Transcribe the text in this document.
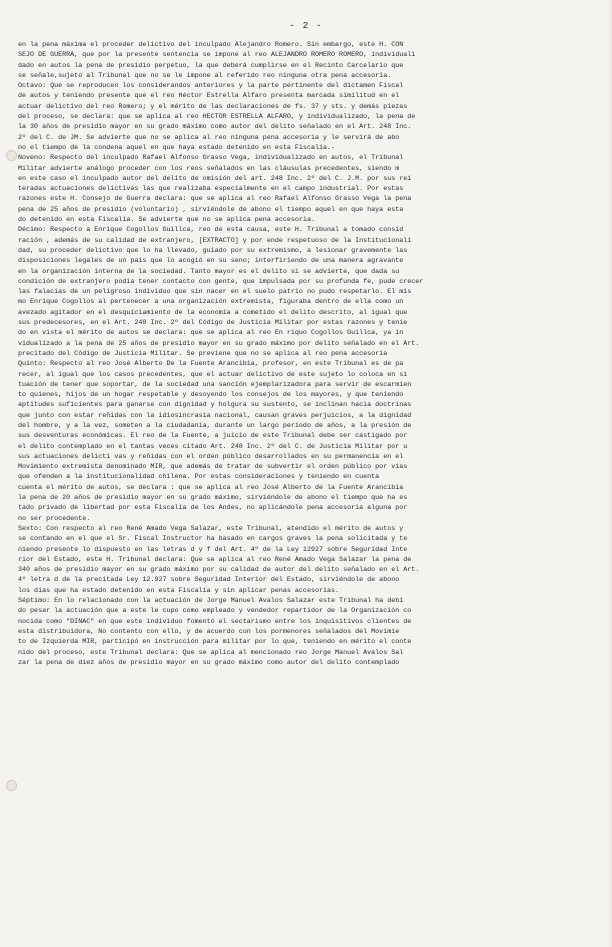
- 2 -
en la pena máxima el proceder delictivo del inculpado Alejandro Romero. Sin embargo, este H. CON
SEJO DE GUERRA, que por la presente sentencia se impone al reo ALEJANDRO ROMERO ROMERO, individuali
dado en autos la pena de presidio perpetuo, la que deberá cumplirse en el Recinto Carcelario que
se señale,sujeto al Tribunal que no se le impone al referido reo ninguna otra pena accesoria.
Octavo: Que se reproducen los considerandos anteriores y la parte pertinente del dictamen Fiscal
de autos y teniendo presente que el reo Héctor Estrella Alfaro presenta marcada similitud en el
actuar delictivo del reo Romero; y el mérito de las declaraciones de fs. 37 y sts. y demás piezas
del proceso, se declara: que se aplica al reo HECTOR ESTRELLA ALFARO, y individualizado, la pena de
la 30 años de presidio mayor en su grado máximo como autor del delito señalado en el Art. 248 Inc.
2º del C. de JM. Se advierte que no se aplica al reo ninguna pena accesoria y le servirá de abo
no el tiempo de la condena aquel en que haya estado detenido en esta Fiscalía.-
Noveno: Respecto del inculpado Rafael Alfonso Grasso Vega, individualizado en autos, el Tribunal
Militar advierte análogo proceder con los reos señalados en las cláusulas precedentes, siendo m
en este caso el inculpado autor del delito de omisión del art. 248 Inc. 2º del C. J.M. por sus rei
teradas actuaciones delictivas las que realizaba especialmente en el campo industrial. Por estas
razones este H. Consejo de Guerra declara: que se aplica al reo Rafael Alfonso Grasso Vega la pena
pena de 25 años de presidio (voluntario) , sirviéndole de abono el tiempo aquel en que haya esta
do detenido en esta Fiscalía. Se advierte que no se aplica pena accesoria.
Décimo: Respecto a Enrique Cogollos Guillca, reo de esta causa, este H. Tribunal a tomado consid
ración , además de su calidad de extranjero, [EXTRACTO] y por ende respetuoso de la Institucionali
dad, su proceder delictivo que lo ha llevado, guiado por su extremismo, a lesionar gravemente las
disposiciones legales de un país que lo acogió en su seno; interfiriendo de una manera agravante
en la organización interna de la sociedad. Tanto mayor es el delito si se advierte, que dada su
condición de extranjero podía tener contacto con gente, que impulsada por su profunda fe, pude crecer
las falacias de un peligroso individuo que sin nacer en el suelo patrio no pudo respetarlo. El mis
mo Enrique Cogollos al pertenecer a una organización extremista, figuraba dentro de ella como un
avezado agitador en el desquiciamiento de la economía a cometido el delito descrito, al igual que
sus predecesores, en el Art. 248 Inc. 2º del Código de Justicia Militar por estas razones y tenie
do en vista el mérito de autos se declara: que se aplica al reo En riquo Cogollos Guillca, ya in
vidualizado a la pena de 25 años de presidio mayor en su grado máximo por delito señalado en el Art.
precitado del Código de Justicia Militar. Se previene que no se aplica al reo pena accesoria
Quinto: Respecto al reo José Alberto De la Fuente Arancibia, profesor, en este Tribunal es de pa
recer, al igual que los casos precedentes, que el actuar delictivo de este sujeto lo coloca en si
tuación de tener que soportar, de la sociedad una sanción ejemplarizadora para servir de escarmien
to quienes, hijos de un hogar respetable y desoyendo los consejos de los mayores, y que teniendo
aptitudes suficientes para ganarse con dignidad y holgura su sustento, se inclinan hacia doctrinas
que junto con estar reñidas con la idiosincrasia nacional, causan graves perjuicios, a la dignidad
del hombre, y a la vez, someten a la ciudadanía, durante un largo período de años, a la presión de
sus desventuras económicas. El reo de la Fuente, a juicio de este Tribunal debe ser castigado por
el delito contemplado en el tantas veces citado Art. 248 Inc. 2º del C. de Justicia Militar por u
sus actuaciones delicti vas y reñidas con el orden público desarrollados en su permanencia en el
Movimiento extremista denominado MIR, que además de tratar de subvertir el orden público por vías
que ofenden a la institucionalidad chilena. Por estas consideraciones y teniendo en cuenta
cuenta el mérito de autos, se declara : que se aplica al reo José Alberto de la Fuente Arancibia
la pena de 20 años de presidio mayor en su grado máximo, sirviéndole de abono el tiempo que ha es
tado privado de libertad por esta Fiscalía de los Andes, no aplicándole pena accesoria alguna por
no ser procedente.
Sexto: Con respecto al reo René Amado Vega Salazar, este Tribunal, atendido el mérito de autos y
se contando en el que el Sr. Fiscal Instructor ha basado en cargos graves la pena solicitada y te
niendo presente lo dispuesto en las letras d y f del Art. 4º de la Ley 12927 sobre Seguridad Inte
rior del Estado, este H. Tribunal declara: Que se aplica al reo René Amado Vega Salazar la pena de
340 años de presidio mayor en su grado máximo por su calidad de autor del delito señalado en el Art.
4º letra d de la precitada Ley 12.927 sobre Seguridad Interior del Estado, sirviéndole de abono
los días que ha estado detenido en esta Fiscalía y sin aplicar penas accesorias.
Séptimo: En lo relacionado con la actuación de Jorge Manuel Avalos Salazar este Tribunal ha debi
do pesar la actuación que a este le cupo como empleado y vendedor repartidor de la Organización co
nocida como "DINAC" en que este individuo fomentó el sectarismo entre los inquisitivos clientes de
esta distribuidora, No contento con ello, y de acuerdo con los pormenores señalados del Movimie
to de Izquierda MIR, participó en instrucción para militar por lo que, teniendo en mérito el conte
nido del proceso, este Tribunal declara: Que se aplica al mencionado reo Jorge Manuel Avalos Sal
zar la pena de diez años de presidio mayor en su grado máximo como autor del delito contemplado
